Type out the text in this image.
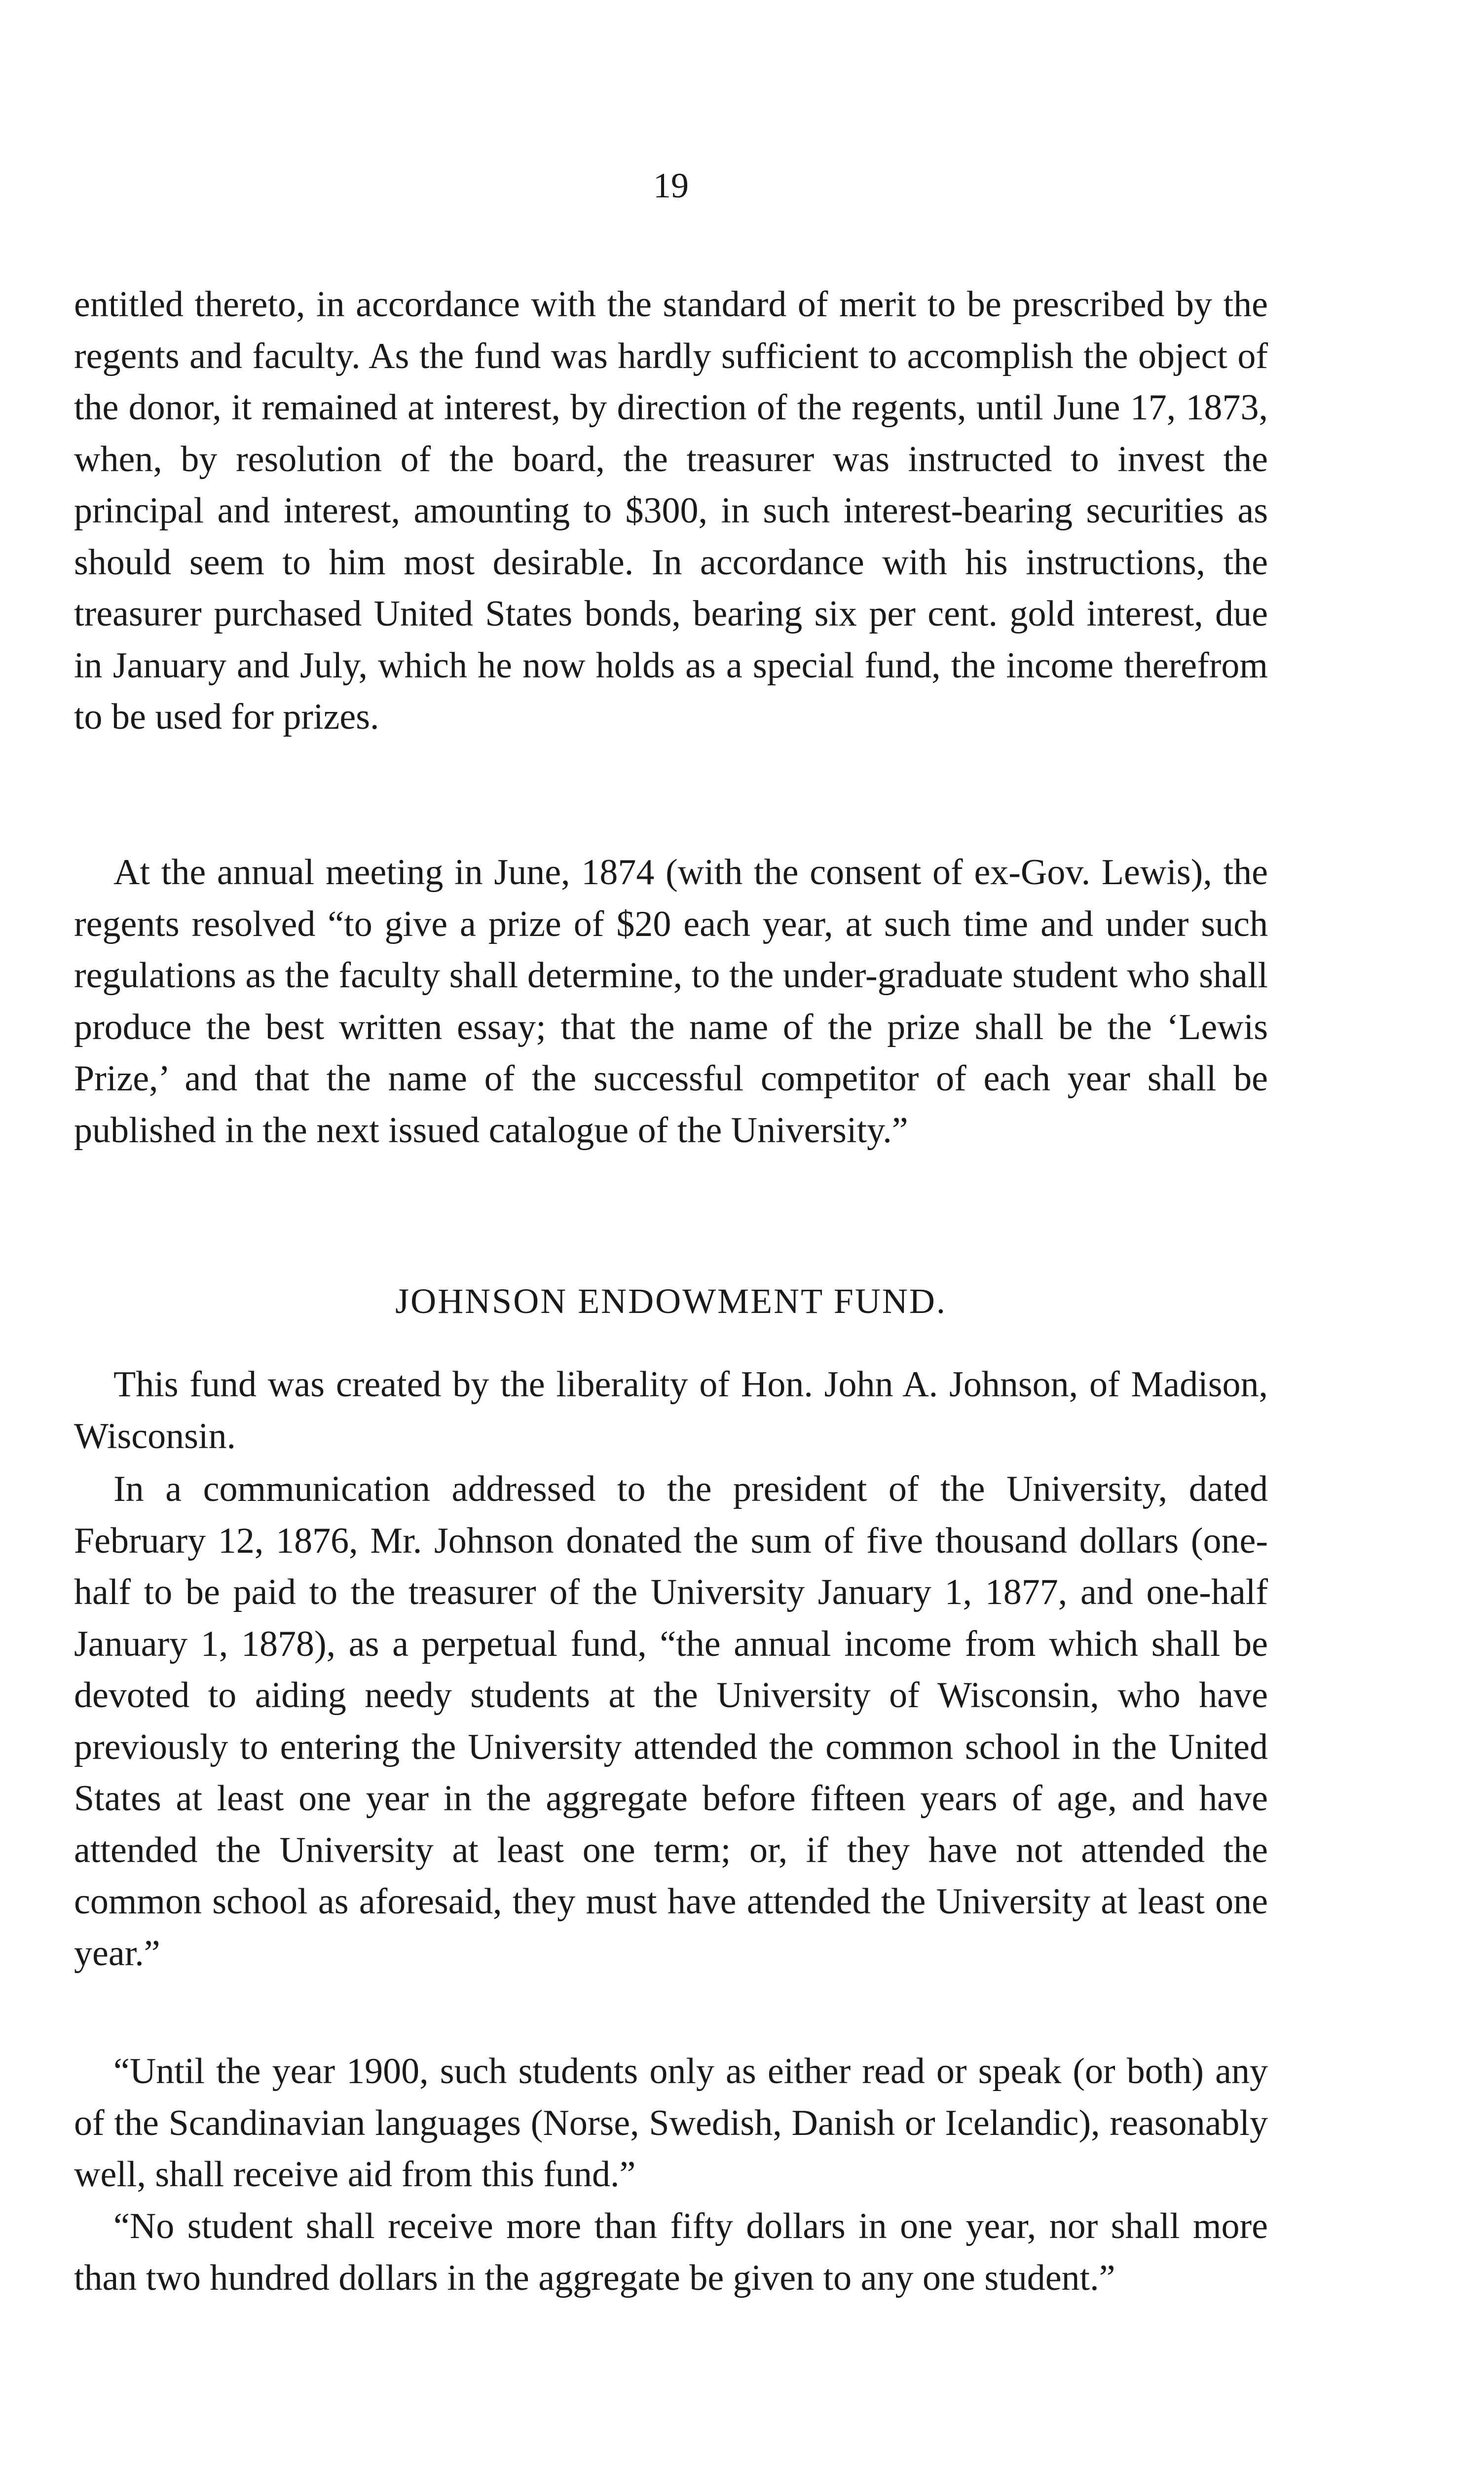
19

entitled thereto, in accordance with the standard of merit to be prescribed by the regents and faculty. As the fund was hardly sufficient to accomplish the object of the donor, it remained at interest, by direction of the regents, until June 17, 1873, when, by resolution of the board, the treasurer was instructed to invest the principal and interest, amounting to $300, in such interest-bearing securities as should seem to him most desirable. In accordance with his instructions, the treasurer purchased United States bonds, bearing six per cent. gold interest, due in January and July, which he now holds as a special fund, the income therefrom to be used for prizes.

At the annual meeting in June, 1874 (with the consent of ex-Gov. Lewis), the regents resolved “to give a prize of $20 each year, at such time and under such regulations as the faculty shall determine, to the under-graduate student who shall produce the best written essay; that the name of the prize shall be the ‘Lewis Prize,’ and that the name of the successful competitor of each year shall be published in the next issued catalogue of the University.”

JOHNSON ENDOWMENT FUND.

This fund was created by the liberality of Hon. John A. Johnson, of Madison, Wisconsin.

In a communication addressed to the president of the University, dated February 12, 1876, Mr. Johnson donated the sum of five thousand dollars (one-half to be paid to the treasurer of the University January 1, 1877, and one-half January 1, 1878), as a perpetual fund, “the annual income from which shall be devoted to aiding needy students at the University of Wisconsin, who have previously to entering the University attended the common school in the United States at least one year in the aggregate before fifteen years of age, and have attended the University at least one term; or, if they have not attended the common school as aforesaid, they must have attended the University at least one year.”

“Until the year 1900, such students only as either read or speak (or both) any of the Scandinavian languages (Norse, Swedish, Danish or Icelandic), reasonably well, shall receive aid from this fund.”

“No student shall receive more than fifty dollars in one year, nor shall more than two hundred dollars in the aggregate be given to any one student.”
